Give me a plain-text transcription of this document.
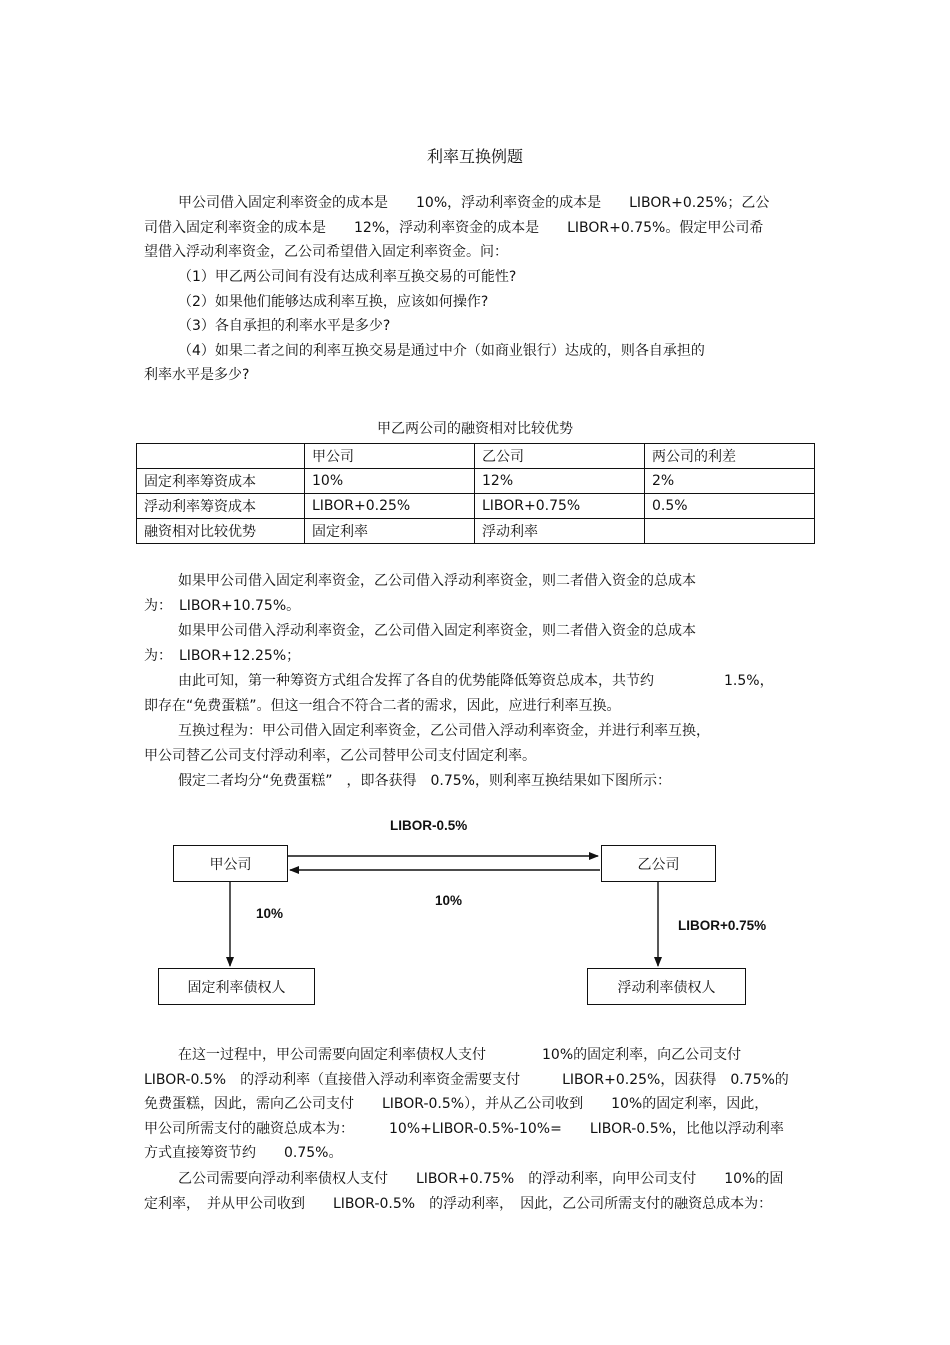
利率互换例题
甲公司借入固定利率资金的成本是　　10%，浮动利率资金的成本是　　LIBOR+0.25%；乙公
司借入固定利率资金的成本是　　12%，浮动利率资金的成本是　　LIBOR+0.75%。假定甲公司希
望借入浮动利率资金，乙公司希望借入固定利率资金。问：
（1）甲乙两公司间有没有达成利率互换交易的可能性?
（2）如果他们能够达成利率互换，应该如何操作?
（3）各自承担的利率水平是多少?
（4）如果二者之间的利率互换交易是通过中介（如商业银行）达成的，则各自承担的
利率水平是多少?
甲乙两公司的融资相对比较优势
	甲公司	乙公司	两公司的利差
固定利率筹资成本	10%	12%	2%
浮动利率筹资成本	LIBOR+0.25%	LIBOR+0.75%	0.5%
融资相对比较优势	固定利率	浮动利率	
如果甲公司借入固定利率资金，乙公司借入浮动利率资金，则二者借入资金的总成本
为：　LIBOR+10.75%。
如果甲公司借入浮动利率资金，乙公司借入固定利率资金，则二者借入资金的总成本
为：　LIBOR+12.25%；
由此可知，第一种筹资方式组合发挥了各自的优势能降低筹资总成本，共节约　　　　　1.5%，
即存在“免费蛋糕”。但这一组合不符合二者的需求，因此，应进行利率互换。
互换过程为：甲公司借入固定利率资金，乙公司借入浮动利率资金，并进行利率互换，
甲公司替乙公司支付浮动利率，乙公司替甲公司支付固定利率。
假定二者均分“免费蛋糕”　，即各获得　0.75%，则利率互换结果如下图所示：
甲公司	乙公司
固定利率债权人	浮动利率债权人
LIBOR-0.5%
10%
10%
LIBOR+0.75%
在这一过程中，甲公司需要向固定利率债权人支付　　　　10%的固定利率，向乙公司支付
LIBOR-0.5%　的浮动利率（直接借入浮动利率资金需要支付　　　LIBOR+0.25%，因获得　0.75%的
免费蛋糕，因此，需向乙公司支付　　LIBOR-0.5%），并从乙公司收到　　10%的固定利率，因此，
甲公司所需支付的融资总成本为：　　　10%+LIBOR-0.5%-10%=　　LIBOR-0.5%，比他以浮动利率
方式直接筹资节约　　0.75%。
乙公司需要向浮动利率债权人支付　　LIBOR+0.75%　的浮动利率，向甲公司支付　　10%的固
定利率，　并从甲公司收到　　LIBOR-0.5%　的浮动利率，　因此，乙公司所需支付的融资总成本为：
